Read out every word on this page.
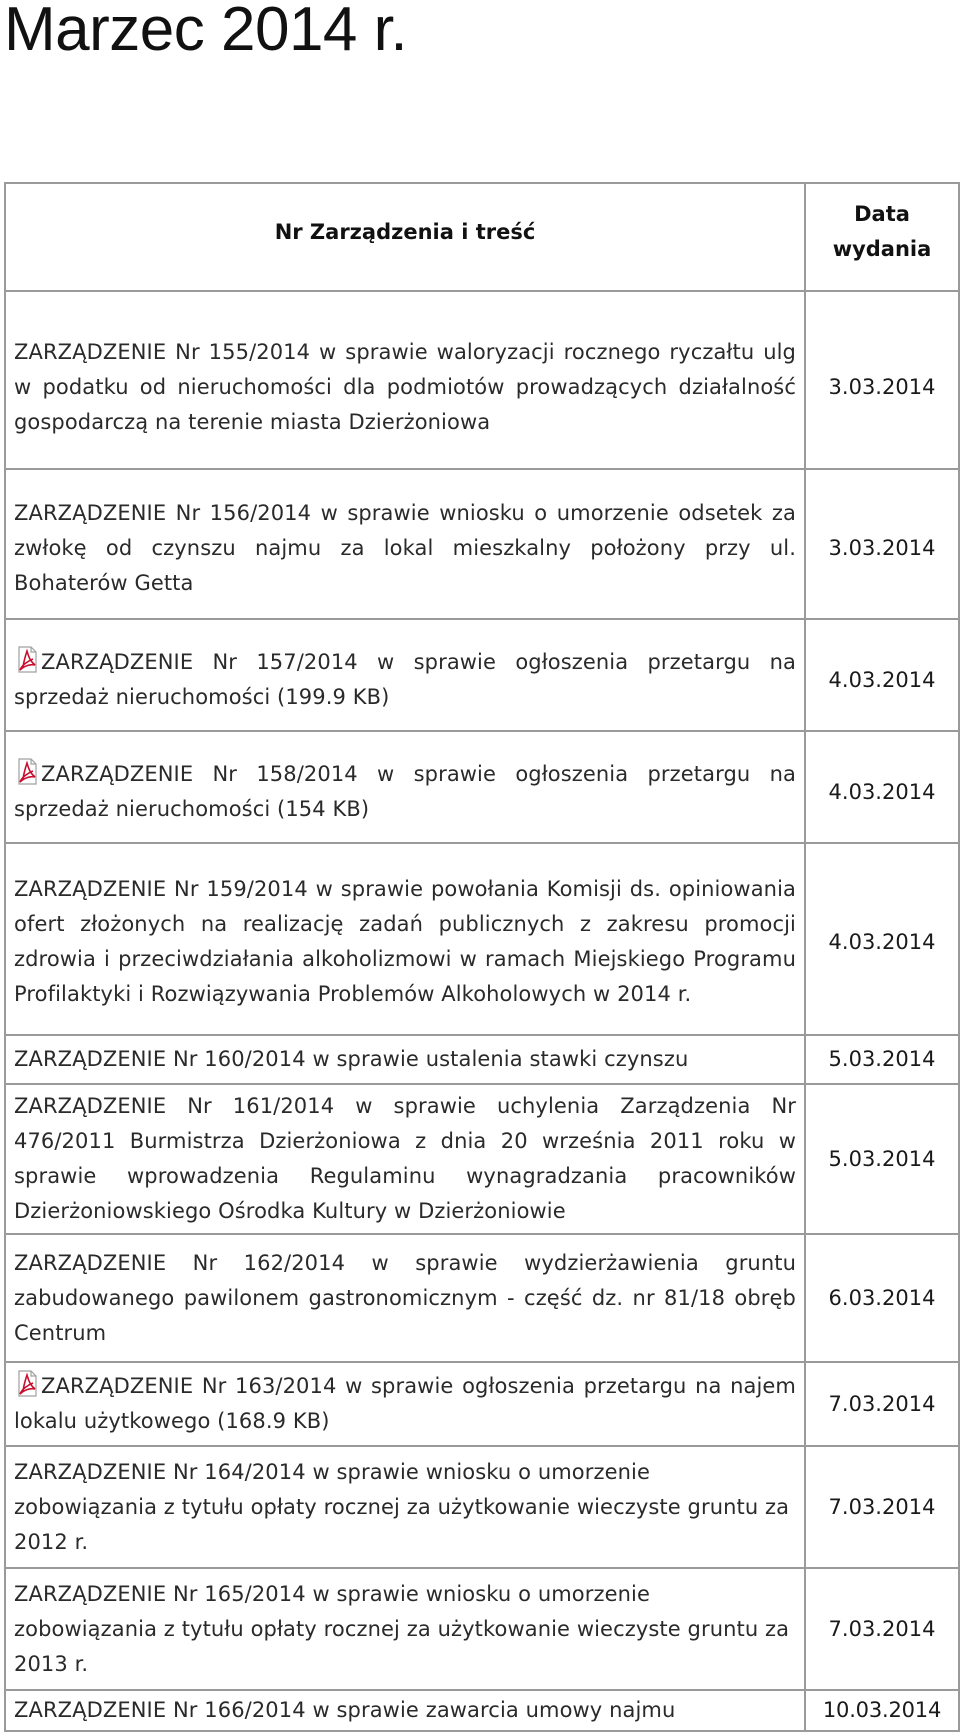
Marzec 2014 r.
Nr Zarządzenia i treść	Data wydania
ZARZĄDZENIE Nr 155/2014 w sprawie waloryzacji rocznego ryczałtu ulg w podatku od nieruchomości dla podmiotów prowadzących działalność gospodarczą na terenie miasta Dzierżoniowa	3.03.2014
ZARZĄDZENIE Nr 156/2014 w sprawie wniosku o umorzenie odsetek za zwłokę od czynszu najmu za lokal mieszkalny położony przy ul. Bohaterów Getta	3.03.2014
ZARZĄDZENIE Nr 157/2014 w sprawie ogłoszenia przetargu na sprzedaż nieruchomości (199.9 KB)	4.03.2014
ZARZĄDZENIE Nr 158/2014 w sprawie ogłoszenia przetargu na sprzedaż nieruchomości (154 KB)	4.03.2014
ZARZĄDZENIE Nr 159/2014 w sprawie powołania Komisji ds. opiniowania ofert złożonych na realizację zadań publicznych z zakresu promocji zdrowia i przeciwdziałania alkoholizmowi w ramach Miejskiego Programu Profilaktyki i Rozwiązywania Problemów Alkoholowych w 2014 r.	4.03.2014
ZARZĄDZENIE Nr 160/2014 w sprawie ustalenia stawki czynszu	5.03.2014
ZARZĄDZENIE Nr 161/2014 w sprawie uchylenia Zarządzenia Nr 476/2011 Burmistrza Dzierżoniowa z dnia 20 września 2011 roku w sprawie wprowadzenia Regulaminu wynagradzania pracowników Dzierżoniowskiego Ośrodka Kultury w Dzierżoniowie	5.03.2014
ZARZĄDZENIE Nr 162/2014 w sprawie wydzierżawienia gruntu zabudowanego pawilonem gastronomicznym - część dz. nr 81/18 obręb Centrum	6.03.2014
ZARZĄDZENIE Nr 163/2014 w sprawie ogłoszenia przetargu na najem lokalu użytkowego (168.9 KB)	7.03.2014
ZARZĄDZENIE Nr 164/2014 w sprawie wniosku o umorzenie zobowiązania z tytułu opłaty rocznej za użytkowanie wieczyste gruntu za 2012 r.	7.03.2014
ZARZĄDZENIE Nr 165/2014 w sprawie wniosku o umorzenie zobowiązania z tytułu opłaty rocznej za użytkowanie wieczyste gruntu za 2013 r.	7.03.2014
ZARZĄDZENIE Nr 166/2014 w sprawie zawarcia umowy najmu	10.03.2014
